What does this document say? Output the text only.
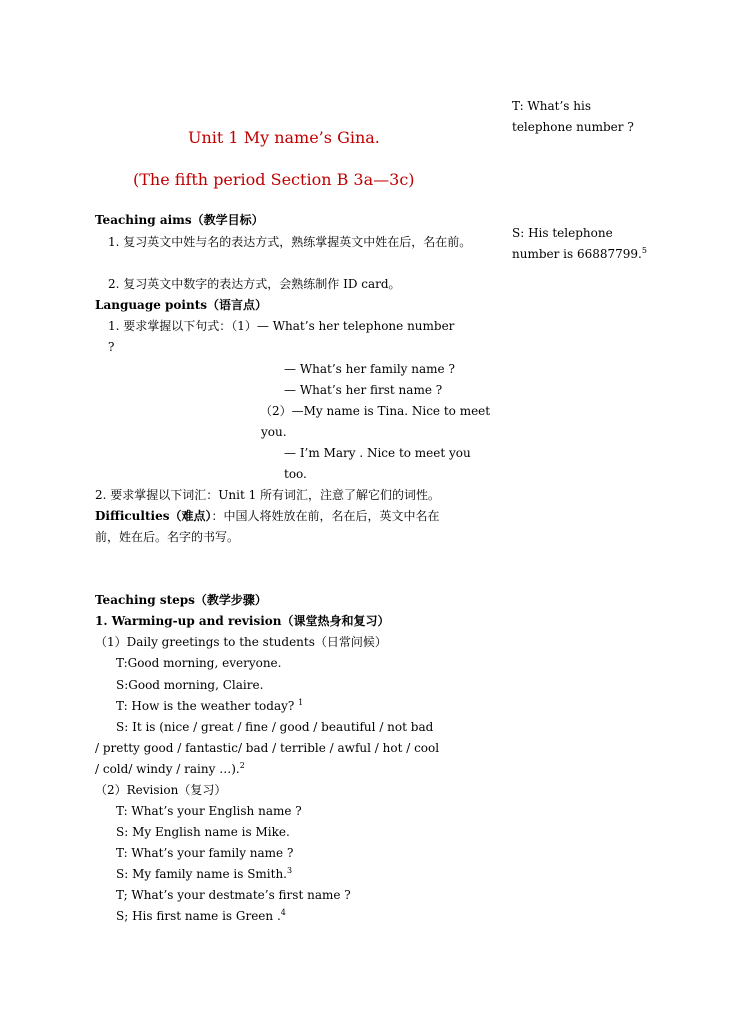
Unit 1 My name’s Gina.
(The fifth period Section B 3a—3c)
T: What’s his telephone number ?
S: His telephone number is 66887799.$^5$
Teaching aims（教学目标）
1. 复习英文中姓与名的表达方式，熟练掌握英文中姓在后，名在前。
2. 复习英文中数字的表达方式，会熟练制作 ID card。
Language points（语言点）
1. 要求掌握以下句式：（1）— What’s her telephone number
?
— What’s her family name ?
— What’s her first name ?
（2）—My name is Tina. Nice to meet
you.
— I’m Mary . Nice to meet you
too.
2. 要求掌握以下词汇：Unit 1 所有词汇，注意了解它们的词性。
Difficulties（难点）：中国人将姓放在前，名在后，英文中名在
前，姓在后。名字的书写。
Teaching steps（教学步骤）
1. Warming-up and revision（课堂热身和复习）
（1）Daily greetings to the students（日常问候）
T:Good morning, everyone.
S:Good morning, Claire.
T: How is the weather today? $^1$
S: It is (nice / great / fine / good / beautiful / not bad
/ pretty good / fantastic/ bad / terrible / awful / hot / cool
/ cold/ windy / rainy …).$^2$
（2）Revision（复习）
T: What’s your English name ?
S: My English name is Mike.
T: What’s your family name ?
S: My family name is Smith.$^3$
T; What’s your destmate’s first name ?
S; His first name is Green .$^4$
